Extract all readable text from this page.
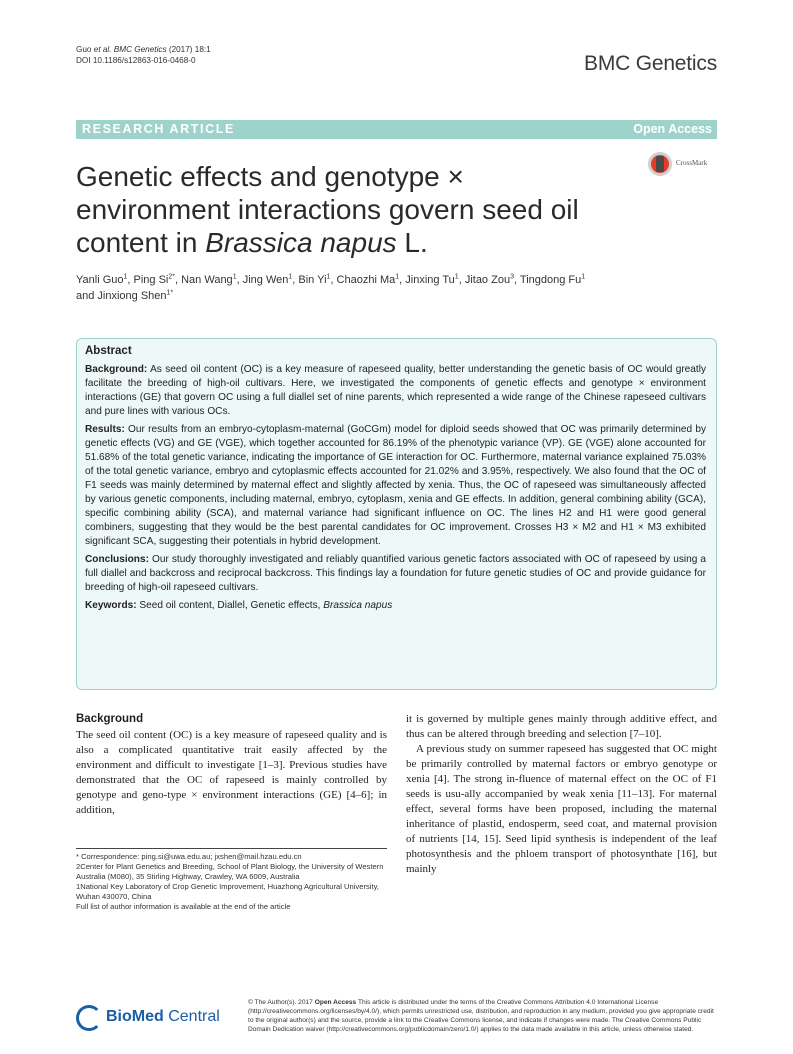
Guo et al. BMC Genetics (2017) 18:1
DOI 10.1186/s12863-016-0468-0	BMC Genetics
RESEARCH ARTICLE	Open Access
Genetic effects and genotype ×
environment interactions govern seed oil
content in Brassica napus L.
CrossMark
Yanli Guo$^1$, Ping $Si^{2*}$, Nan Wang$^1$, Jing Wen$^1$, Bin Yi$^1$, Chaozhi Ma$^1$, Jinxing Tu$^1$, Jitao Zou$^3$, Tingdong Fu$^1$
and Jinxiong Shen$^{1*}$
Abstract

Background: As seed oil content (OC) is a key measure of rapeseed quality, better understanding the genetic basis of OC would greatly facilitate the breeding of high-oil cultivars. Here, we investigated the components of genetic effects and genotype × environment interactions (GE) that govern OC using a full diallel set of nine parents, which represented a wide range of the Chinese rapeseed cultivars and pure lines with various OCs.

Results: Our results from an embryo-cytoplasm-maternal (GoCGm) model for diploid seeds showed that OC was primarily determined by genetic effects (VG) and GE (VGE), which together accounted for 86.19% of the phenotypic variance (VP). GE (VGE) alone accounted for 51.68% of the total genetic variance, indicating the importance of GE interaction for OC. Furthermore, maternal variance explained 75.03% of the total genetic variance, embryo and cytoplasmic effects accounted for 21.02% and 3.95%, respectively. We also found that the OC of F1 seeds was mainly determined by maternal effect and slightly affected by xenia. Thus, the OC of rapeseed was simultaneously affected by various genetic components, including maternal, embryo, cytoplasm, xenia and GE effects. In addition, general combining ability (GCA), specific combining ability (SCA), and maternal variance had significant influence on OC. The lines H2 and H1 were good general combiners, suggesting that they would be the best parental candidates for OC improvement. Crosses H3 × M2 and H1 × M3 exhibited significant SCA, suggesting their potentials in hybrid development.

Conclusions: Our study thoroughly investigated and reliably quantified various genetic factors associated with OC of rapeseed by using a full diallel and backcross and reciprocal backcross. This findings lay a foundation for future genetic studies of OC and provide guidance for breeding of high-oil rapeseed cultivars.

Keywords: Seed oil content, Diallel, Genetic effects, Brassica napus

Background

The seed oil content (OC) is a key measure of rapeseed quality and is also a complicated quantitative trait easily affected by the environment and difficult to investigate [1–3]. Previous studies have demonstrated that the OC of rapeseed is mainly controlled by genotype and geno-type × environment interactions (GE) [4–6]; in addition,

it is governed by multiple genes mainly through additive effect, and thus can be altered through breeding and selection [7–10].

A previous study on summer rapeseed has suggested that OC might be primarily controlled by maternal factors or embryo genotype or xenia [4]. The strong in-fluence of maternal effect on the OC of F1 seeds is usu-ally accompanied by weak xenia [11–13]. For maternal effect, several forms have been proposed, including the maternal inheritance of plastid, endosperm, seed coat, and maternal provision of nutrients [14, 15]. Seed lipid synthesis is independent of the leaf photosynthesis and the phloem transport of photosynthate [16], but mainly

* Correspondence: ping.si@uwa.edu.au; jxshen@mail.hzau.edu.cn
2Center for Plant Genetics and Breeding, School of Plant Biology, the University of Western Australia (M080), 35 Stirling Highway, Crawley, WA 6009, Australia
1National Key Laboratory of Crop Genetic Improvement, Huazhong Agricultural University, Wuhan 430070, China
Full list of author information is available at the end of the article
BioMed Central
© The Author(s). 2017 Open Access This article is distributed under the terms of the Creative Commons Attribution 4.0 International License (http://creativecommons.org/licenses/by/4.0/), which permits unrestricted use, distribution, and reproduction in any medium, provided you give appropriate credit to the original author(s) and the source, provide a link to the Creative Commons license, and indicate if changes were made. The Creative Commons Public Domain Dedication waiver (http://creativecommons.org/publicdomain/zero/1.0/) applies to the data made available in this article, unless otherwise stated.
